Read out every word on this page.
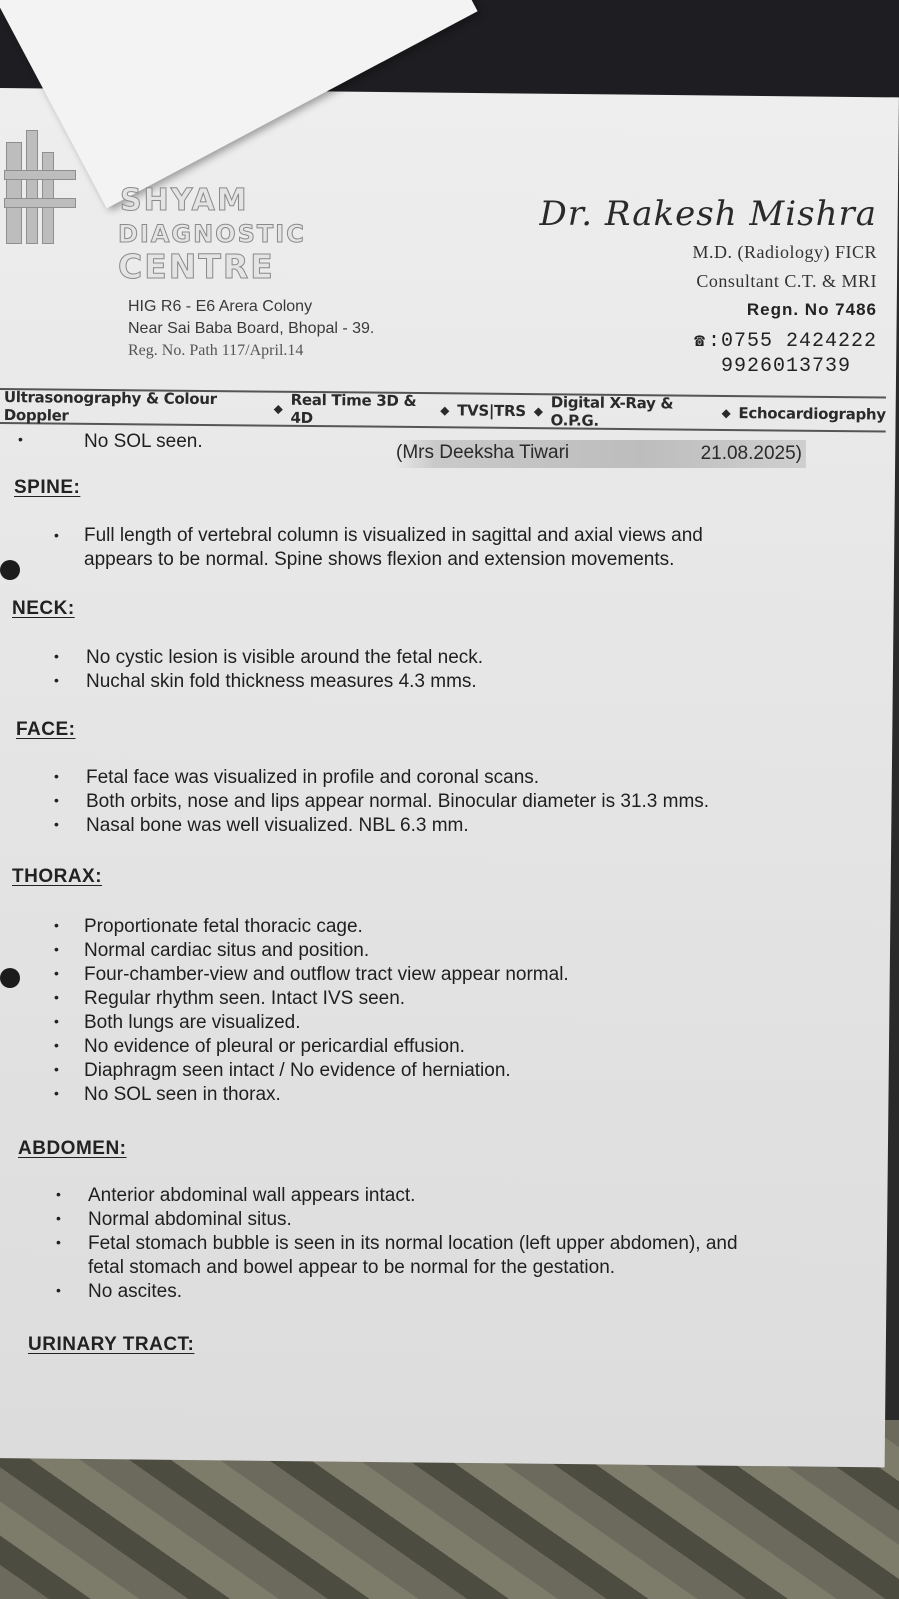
SHYAM
DIAGNOSTIC
CENTRE
HIG R6 - E6 Arera Colony
Near Sai Baba Board, Bhopal - 39.
Reg. No. Path 117/April.14
Dr. Rakesh Mishra
M.D. (Radiology) FICR
Consultant C.T. & MRI
Regn. No 7486
☎ :0755 2424222
9926013739
Ultrasonography & Colour Doppler	◆ Real Time 3D & 4D	◆ TVS|TRS ◆ Digital X-Ray & O.P.G.	◆ Echocardiography
•	No SOL seen.
(Mrs Deeksha Tiwari	21.08.2025)
SPINE:
• Full length of vertebral column is visualized in sagittal and axial views and
appears to be normal. Spine shows flexion and extension movements.
NECK:
• No cystic lesion is visible around the fetal neck.
• Nuchal skin fold thickness measures 4.3 mms.
FACE:
• Fetal face was visualized in profile and coronal scans.
• Both orbits, nose and lips appear normal. Binocular diameter is 31.3 mms.
• Nasal bone was well visualized. NBL 6.3 mm.
THORAX:
• Proportionate fetal thoracic cage.
• Normal cardiac situs and position.
• Four-chamber-view and outflow tract view appear normal.
• Regular rhythm seen. Intact IVS seen.
• Both lungs are visualized.
• No evidence of pleural or pericardial effusion.
• Diaphragm seen intact / No evidence of herniation.
• No SOL seen in thorax.
ABDOMEN:
• Anterior abdominal wall appears intact.
• Normal abdominal situs.
• Fetal stomach bubble is seen in its normal location (left upper abdomen), and
fetal stomach and bowel appear to be normal for the gestation.
• No ascites.
URINARY TRACT:
